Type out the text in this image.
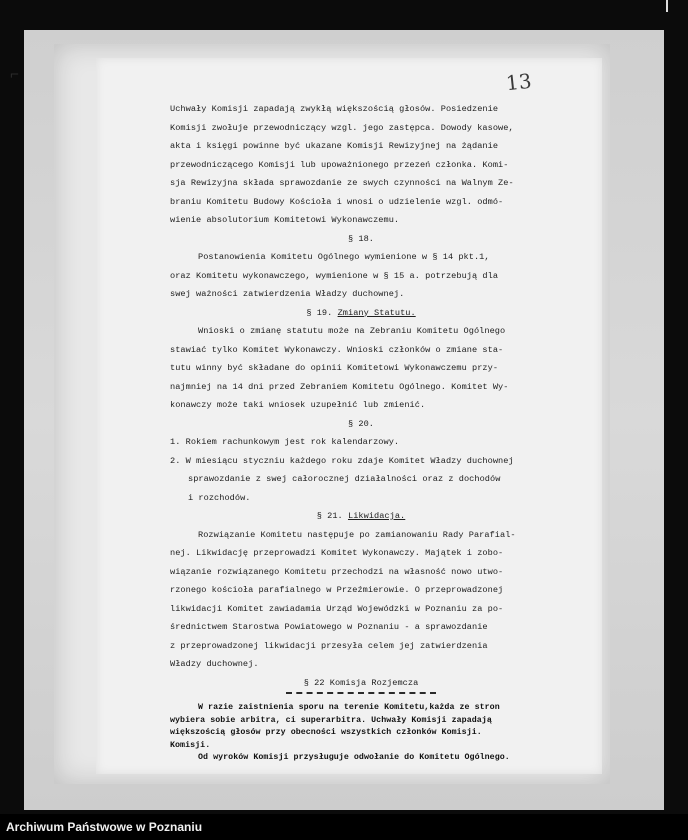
⌐	13
Uchwały Komisji zapadają zwykłą większością głosów. Posiedzenie
Komisji zwołuje przewodniczący wzgl. jego zastępca. Dowody kasowe,
akta i księgi powinne być ukazane Komisji Rewizyjnej na żądanie
przewodniczącego Komisji lub upoważnionego przezeń członka. Komi-
sja Rewizyjna składa sprawozdanie ze swych czynności na Walnym Ze-
braniu Komitetu Budowy Kościoła i wnosi o udzielenie wzgl. odmó-
wienie absolutorium Komitetowi Wykonawczemu.
§ 18.
Postanowienia Komitetu Ogólnego wymienione w § 14 pkt.1,
oraz Komitetu wykonawczego, wymienione w § 15 a. potrzebują dla
swej ważności zatwierdzenia Władzy duchownej.
§ 19. Zmiany Statutu.
Wnioski o zmianę statutu może na Zebraniu Komitetu Ogólnego
stawiać tylko Komitet Wykonawczy. Wnioski członków o zmiane sta-
tutu winny być składane do opinii Komitetowi Wykonawczemu przy-
najmniej na 14 dni przed Zebraniem Komitetu Ogólnego. Komitet Wy-
konawczy może taki wniosek uzupełnić lub zmienić.
§ 20.
1. Rokiem rachunkowym jest rok kalendarzowy.
2. W miesiącu styczniu każdego roku zdaje Komitet Władzy duchownej
sprawozdanie z swej całorocznej działalności oraz z dochodów
i rozchodów.
§ 21. Likwidacja.
Rozwiązanie Komitetu następuje po zamianowaniu Rady Parafial-
nej. Likwidację przeprowadzi Komitet Wykonawczy. Majątek i zobo-
wiązanie rozwiązanego Komitetu przechodzi na własność nowo utwo-
rzonego kościoła parafialnego w Przeźmierowie. O przeprowadzonej
likwidacji Komitet zawiadamia Urząd Wojewódzki w Poznaniu za po-
średnictwem Starostwa Powiatowego w Poznaniu - a sprawozdanie
z przeprowadzonej likwidacji przesyła celem jej zatwierdzenia
Władzy duchownej.
§ 22 Komisja Rozjemcza
W razie zaistnienia sporu na terenie Komitetu,każda ze stron
wybiera sobie arbitra, ci superarbitra. Uchwały Komisji zapadają
większością głosów przy obecności wszystkich członków Komisji.
Komisji.
Od wyroków Komisji przysługuje odwołanie do Komitetu Ogólnego.
Archiwum Państwowe w Poznaniu
